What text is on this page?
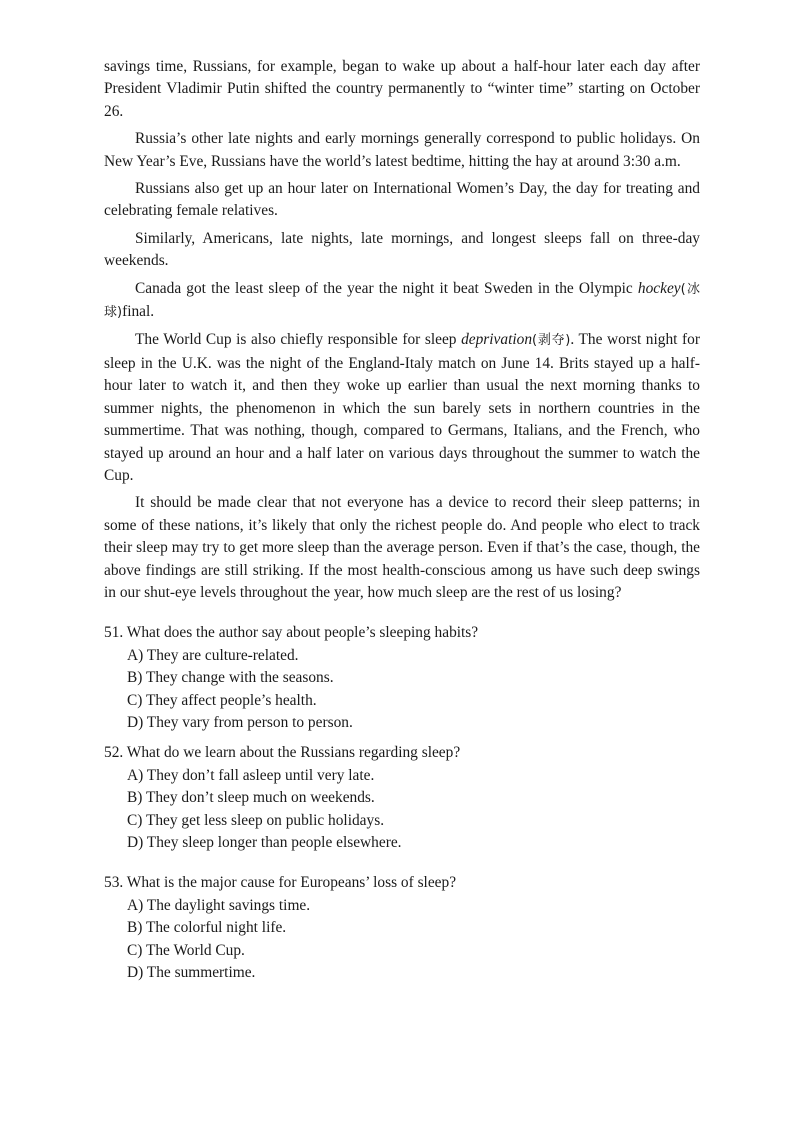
savings time, Russians, for example, began to wake up about a half-hour later each day after President Vladimir Putin shifted the country permanently to “winter time” starting on October 26.

Russia’s other late nights and early mornings generally correspond to public holidays. On New Year’s Eve, Russians have the world’s latest bedtime, hitting the hay at around 3:30 a.m.

Russians also get up an hour later on International Women’s Day, the day for treating and celebrating female relatives.

Similarly, Americans, late nights, late mornings, and longest sleeps fall on three-day weekends.

Canada got the least sleep of the year the night it beat Sweden in the Olympic hockey(冰球)final.

The World Cup is also chiefly responsible for sleep deprivation(剥夺). The worst night for sleep in the U.K. was the night of the England-Italy match on June 14. Brits stayed up a half-hour later to watch it, and then they woke up earlier than usual the next morning thanks to summer nights, the phenomenon in which the sun barely sets in northern countries in the summertime. That was nothing, though, compared to Germans, Italians, and the French, who stayed up around an hour and a half later on various days throughout the summer to watch the Cup.

It should be made clear that not everyone has a device to record their sleep patterns; in some of these nations, it’s likely that only the richest people do. And people who elect to track their sleep may try to get more sleep than the average person. Even if that’s the case, though, the above findings are still striking. If the most health-conscious among us have such deep swings in our shut-eye levels throughout the year, how much sleep are the rest of us losing?

51. What does the author say about people’s sleeping habits?

A) They are culture-related.

B) They change with the seasons.

C) They affect people’s health.

D) They vary from person to person.

52. What do we learn about the Russians regarding sleep?

A) They don’t fall asleep until very late.

B) They don’t sleep much on weekends.

C) They get less sleep on public holidays.

D) They sleep longer than people elsewhere.

53. What is the major cause for Europeans’ loss of sleep?

A) The daylight savings time.

B) The colorful night life.

C) The World Cup.

D) The summertime.
